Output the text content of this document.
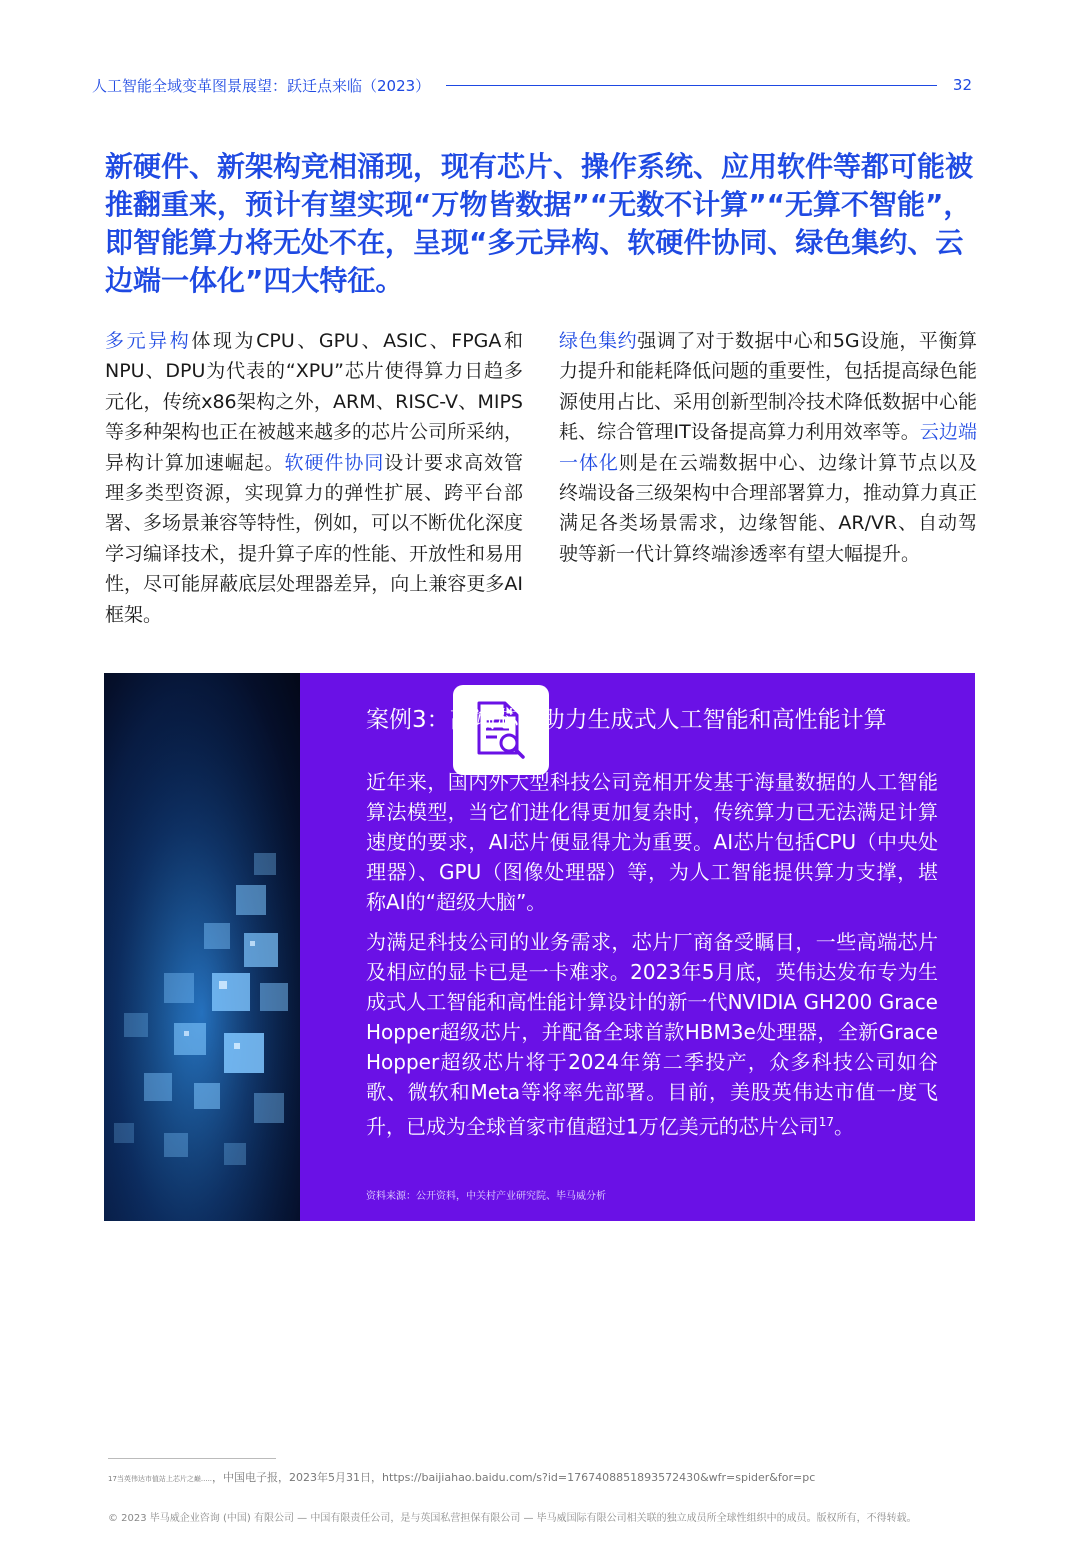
人工智能全域变革图景展望：跃迁点来临（2023）	32

新硬件、新架构竞相涌现，现有芯片、操作系统、应用软件等都可能被推翻重来，预计有望实现“万物皆数据”“无数不计算”“无算不智能”，即智能算力将无处不在，呈现“多元异构、软硬件协同、绿色集约、云边端一体化”四大特征。

多元异构体现为CPU、GPU、ASIC、FPGA和NPU、DPU为代表的“XPU”芯片使得算力日趋多元化，传统x86架构之外，ARM、RISC-V、MIPS等多种架构也正在被越来越多的芯片公司所采纳，异构计算加速崛起。软硬件协同设计要求高效管理多类型资源，实现算力的弹性扩展、跨平台部署、多场景兼容等特性，例如，可以不断优化深度学习编译技术，提升算子库的性能、开放性和易用性，尽可能屏蔽底层处理器差异，向上兼容更多AI框架。

绿色集约强调了对于数据中心和5G设施，平衡算力提升和能耗降低问题的重要性，包括提高绿色能源使用占比、采用创新型制冷技术降低数据中心能耗、综合管理IT设备提高算力利用效率等。云边端一体化则是在云端数据中心、边缘计算节点以及终端设备三级架构中合理部署算力，推动算力真正满足各类场景需求，边缘智能、AR/VR、自动驾驶等新一代计算终端渗透率有望大幅提升。

案例3：高端芯片助力生成式人工智能和高性能计算

近年来，国内外大型科技公司竞相开发基于海量数据的人工智能算法模型，当它们进化得更加复杂时，传统算力已无法满足计算速度的要求，AI芯片便显得尤为重要。AI芯片包括CPU（中央处理器）、GPU（图像处理器）等，为人工智能提供算力支撑，堪称AI的“超级大脑”。

为满足科技公司的业务需求，芯片厂商备受瞩目，一些高端芯片及相应的显卡已是一卡难求。2023年5月底，英伟达发布专为生成式人工智能和高性能计算设计的新一代NVIDIA GH200 Grace Hopper超级芯片，并配备全球首款HBM3e处理器，全新Grace Hopper超级芯片将于2024年第二季投产，众多科技公司如谷歌、微软和Meta等将率先部署。目前，美股英伟达市值一度飞升，已成为全球首家市值超过1万亿美元的芯片公司$^{17}$。

资料来源：公开资料，中关村产业研究院、毕马威分析
17当英伟达市值站上芯片之巅.....，中国电子报，2023年5月31日，https://baijiahao.baidu.com/s?id=1767408851893572430&wfr=spider&for=pc
© 2023 毕马威企业咨询 (中国) 有限公司 — 中国有限责任公司，是与英国私营担保有限公司 — 毕马威国际有限公司相关联的独立成员所全球性组织中的成员。版权所有，不得转载。
